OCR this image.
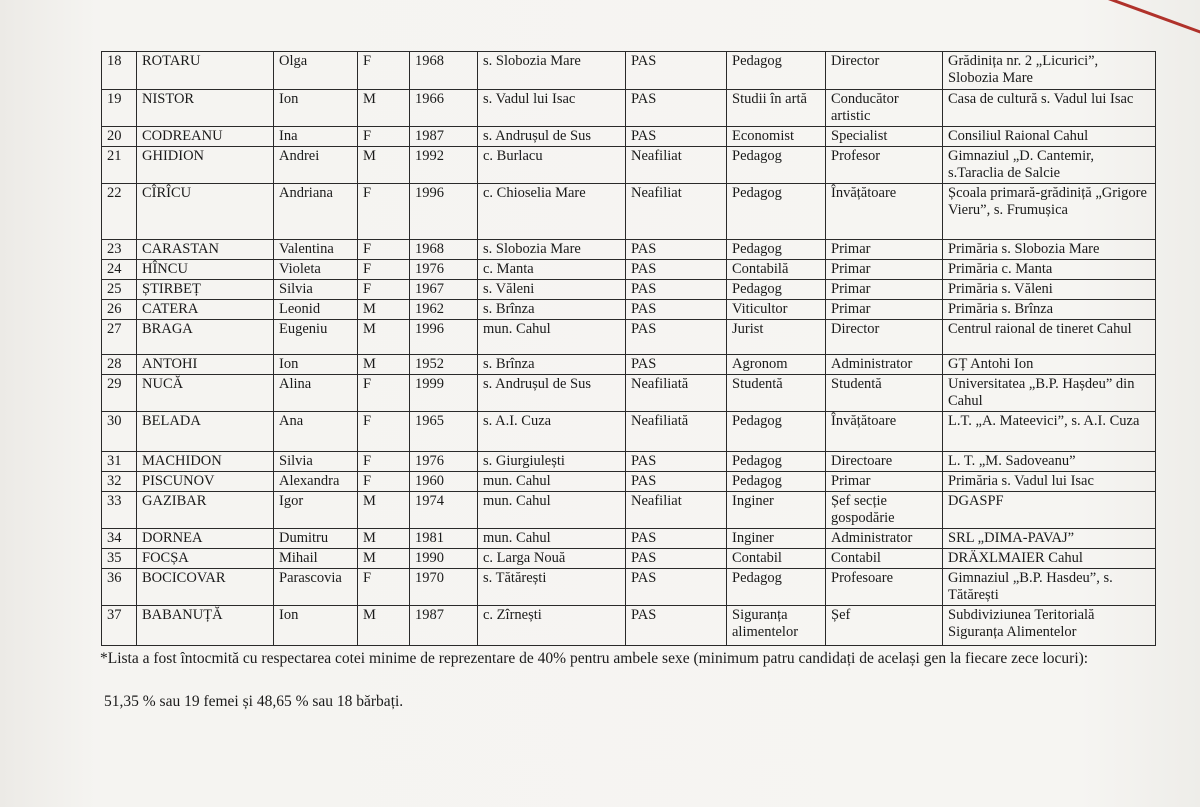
18	ROTARU	Olga	F	1968	s. Slobozia Mare	PAS	Pedagog	Director	Grădinița nr. 2 „Licurici”, Slobozia Mare
19	NISTOR	Ion	M	1966	s. Vadul lui Isac	PAS	Studii în artă	Conducător artistic	Casa de cultură s. Vadul lui Isac
20	CODREANU	Ina	F	1987	s. Andrușul de Sus	PAS	Economist	Specialist	Consiliul Raional Cahul
21	GHIDION	Andrei	M	1992	c. Burlacu	Neafiliat	Pedagog	Profesor	Gimnaziul „D. Cantemir, s.Taraclia de Salcie
22	CÎRÎCU	Andriana	F	1996	c. Chioselia Mare	Neafiliat	Pedagog	Învățătoare	Școala primară-grădiniță „Grigore Vieru”, s. Frumușica
23	CARASTAN	Valentina	F	1968	s. Slobozia Mare	PAS	Pedagog	Primar	Primăria s. Slobozia Mare
24	HÎNCU	Violeta	F	1976	c. Manta	PAS	Contabilă	Primar	Primăria c. Manta
25	ȘTIRBEȚ	Silvia	F	1967	s. Văleni	PAS	Pedagog	Primar	Primăria s. Văleni
26	CATERA	Leonid	M	1962	s. Brînza	PAS	Viticultor	Primar	Primăria s. Brînza
27	BRAGA	Eugeniu	M	1996	mun. Cahul	PAS	Jurist	Director	Centrul raional de tineret Cahul
28	ANTOHI	Ion	M	1952	s. Brînza	PAS	Agronom	Administrator	GȚ Antohi Ion
29	NUCĂ	Alina	F	1999	s. Andrușul de Sus	Neafiliată	Studentă	Studentă	Universitatea „B.P. Hașdeu” din Cahul
30	BELADA	Ana	F	1965	s. A.I. Cuza	Neafiliată	Pedagog	Învățătoare	L.T. „A. Mateevici”, s. A.I. Cuza
31	MACHIDON	Silvia	F	1976	s. Giurgiulești	PAS	Pedagog	Directoare	L. T. „M. Sadoveanu”
32	PISCUNOV	Alexandra	F	1960	mun. Cahul	PAS	Pedagog	Primar	Primăria s. Vadul lui Isac
33	GAZIBAR	Igor	M	1974	mun. Cahul	Neafiliat	Inginer	Șef secție gospodărie	DGASPF
34	DORNEA	Dumitru	M	1981	mun. Cahul	PAS	Inginer	Administrator	SRL „DIMA-PAVAJ”
35	FOCȘA	Mihail	M	1990	c. Larga Nouă	PAS	Contabil	Contabil	DRÄXLMAIER Cahul
36	BOCICOVAR	Parascovia	F	1970	s. Tătărești	PAS	Pedagog	Profesoare	Gimnaziul „B.P. Hasdeu”, s. Tătărești
37	BABANUȚĂ	Ion	M	1987	c. Zîrnești	PAS	Siguranța alimentelor	Șef	Subdiviziunea Teritorială Siguranța Alimentelor
*Lista a fost întocmită cu respectarea cotei minime de reprezentare de 40% pentru ambele sexe (minimum patru candidați de același gen la fiecare zece locuri):
51,35 % sau 19 femei și 48,65 % sau 18 bărbați.
